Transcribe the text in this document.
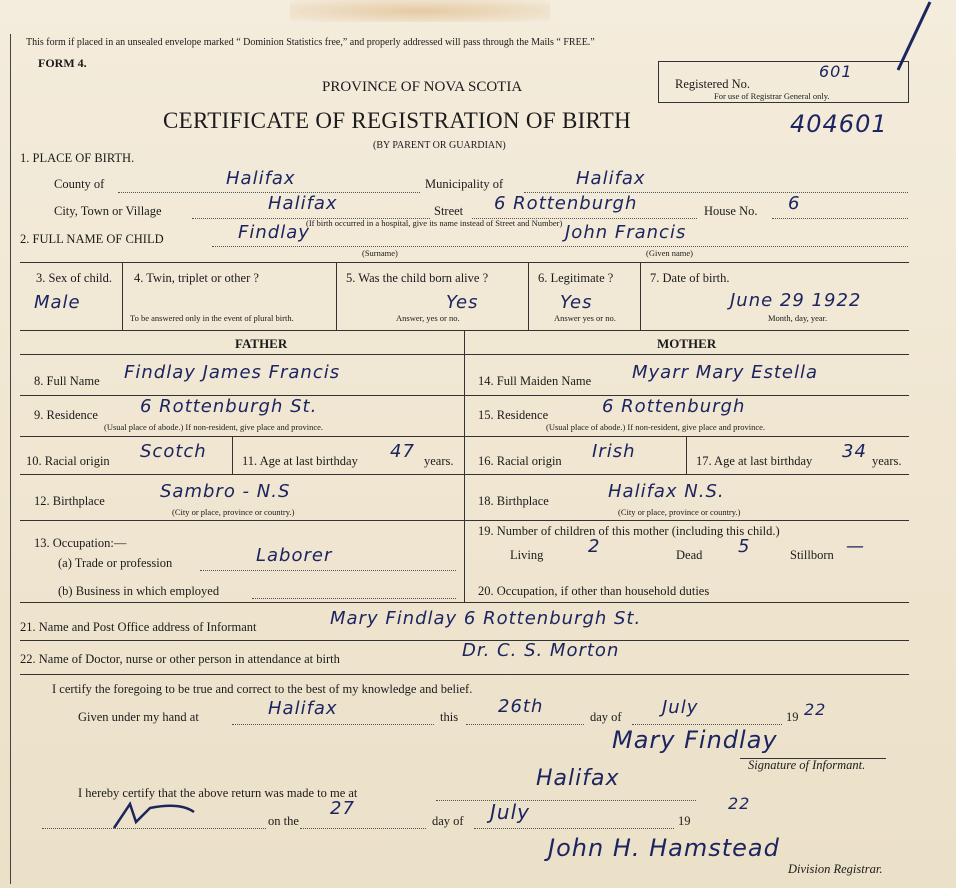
This form if placed in an unsealed envelope marked “ Dominion Statistics free,” and properly addressed will pass through the Mails “ FREE.”
FORM 4.
PROVINCE OF NOVA SCOTIA
CERTIFICATE OF REGISTRATION OF BIRTH
(BY PARENT OR GUARDIAN)
Registered No.
601
For use of Registrar General only.
404601
1. PLACE OF BIRTH.
County of	Halifax	Municipality of	Halifax
City, Town or Village	Halifax	Street 6 Rottenburgh	House No. 6
(If birth occurred in a hospital, give its name instead of Street and Number)
2. FULL NAME OF CHILD	Findlay	John Francis
(Surname)	(Given name)
3. Sex of child.
Male
4. Twin, triplet or other ?
To be answered only in the event of plural birth.
5. Was the child born alive ?
Yes
Answer, yes or no.
6. Legitimate ?
Yes
Answer yes or no.
7. Date of birth.
June 29 1922
Month, day, year.
FATHER	MOTHER
8. Full Name Findlay James Francis
9. Residence 6 Rottenburgh St.
(Usual place of abode.) If non-resident, give place and province.
10. Racial origin Scotch	11. Age at last birthday 47 years.
12. Birthplace	Sambro - N.S
(City or place, province or country.)
13. Occupation:—
(a) Trade or profession	Laborer
(b) Business in which employed
14. Full Maiden Name Myarr Mary Estella
15. Residence	6 Rottenburgh
(Usual place of abode.) If non-resident, give place and province.
16. Racial origin Irish	17. Age at last birthday 34 years.
18. Birthplace	Halifax N.S.
(City or place, province or country.)
19. Number of children of this mother (including this child.)
Living 2	Dead 5	Stillborn —
20. Occupation, if other than household duties
21. Name and Post Office address of Informant	Mary Findlay 6 Rottenburgh St.
22. Name of Doctor, nurse or other person in attendance at birth	Dr. C. S. Morton
I certify the foregoing to be true and correct to the best of my knowledge and belief.
Given under my hand at	Halifax	this 26th	day of July	19 22
Mary Findlay
Signature of Informant.
I hereby certify that the above return was made to me at
Halifax
on the
27
day of July	19
22
John H. Hamstead
Division Registrar.
